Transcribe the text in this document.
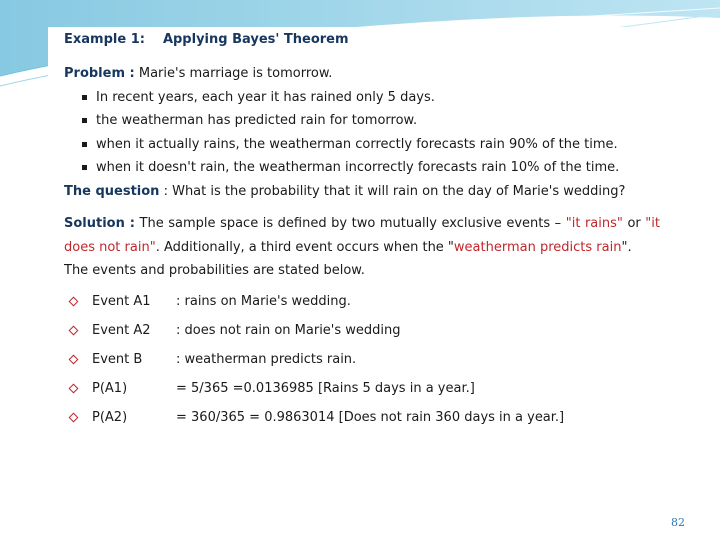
Example 1: Applying Bayes' Theorem
Problem : Marie's marriage is tomorrow.
In recent years, each year it has rained only 5 days.
the weatherman has predicted rain for tomorrow.
when it actually rains, the weatherman correctly forecasts rain 90% of the time.
when it doesn't rain, the weatherman incorrectly forecasts rain 10% of the time.
The question : What is the probability that it will rain on the day of Marie's wedding?
Solution : The sample space is defined by two mutually exclusive events – "it rains" or "it does not rain". Additionally, a third event occurs when the "weatherman predicts rain".
The events and probabilities are stated below.
Event A1 : rains on Marie's wedding.
Event A2 : does not rain on Marie's wedding
Event B	: weatherman predicts rain.
P(A1)	= 5/365 =0.0136985 [Rains 5 days in a year.]
P(A2)	= 360/365 = 0.9863014 [Does not rain 360 days in a year.]
82
